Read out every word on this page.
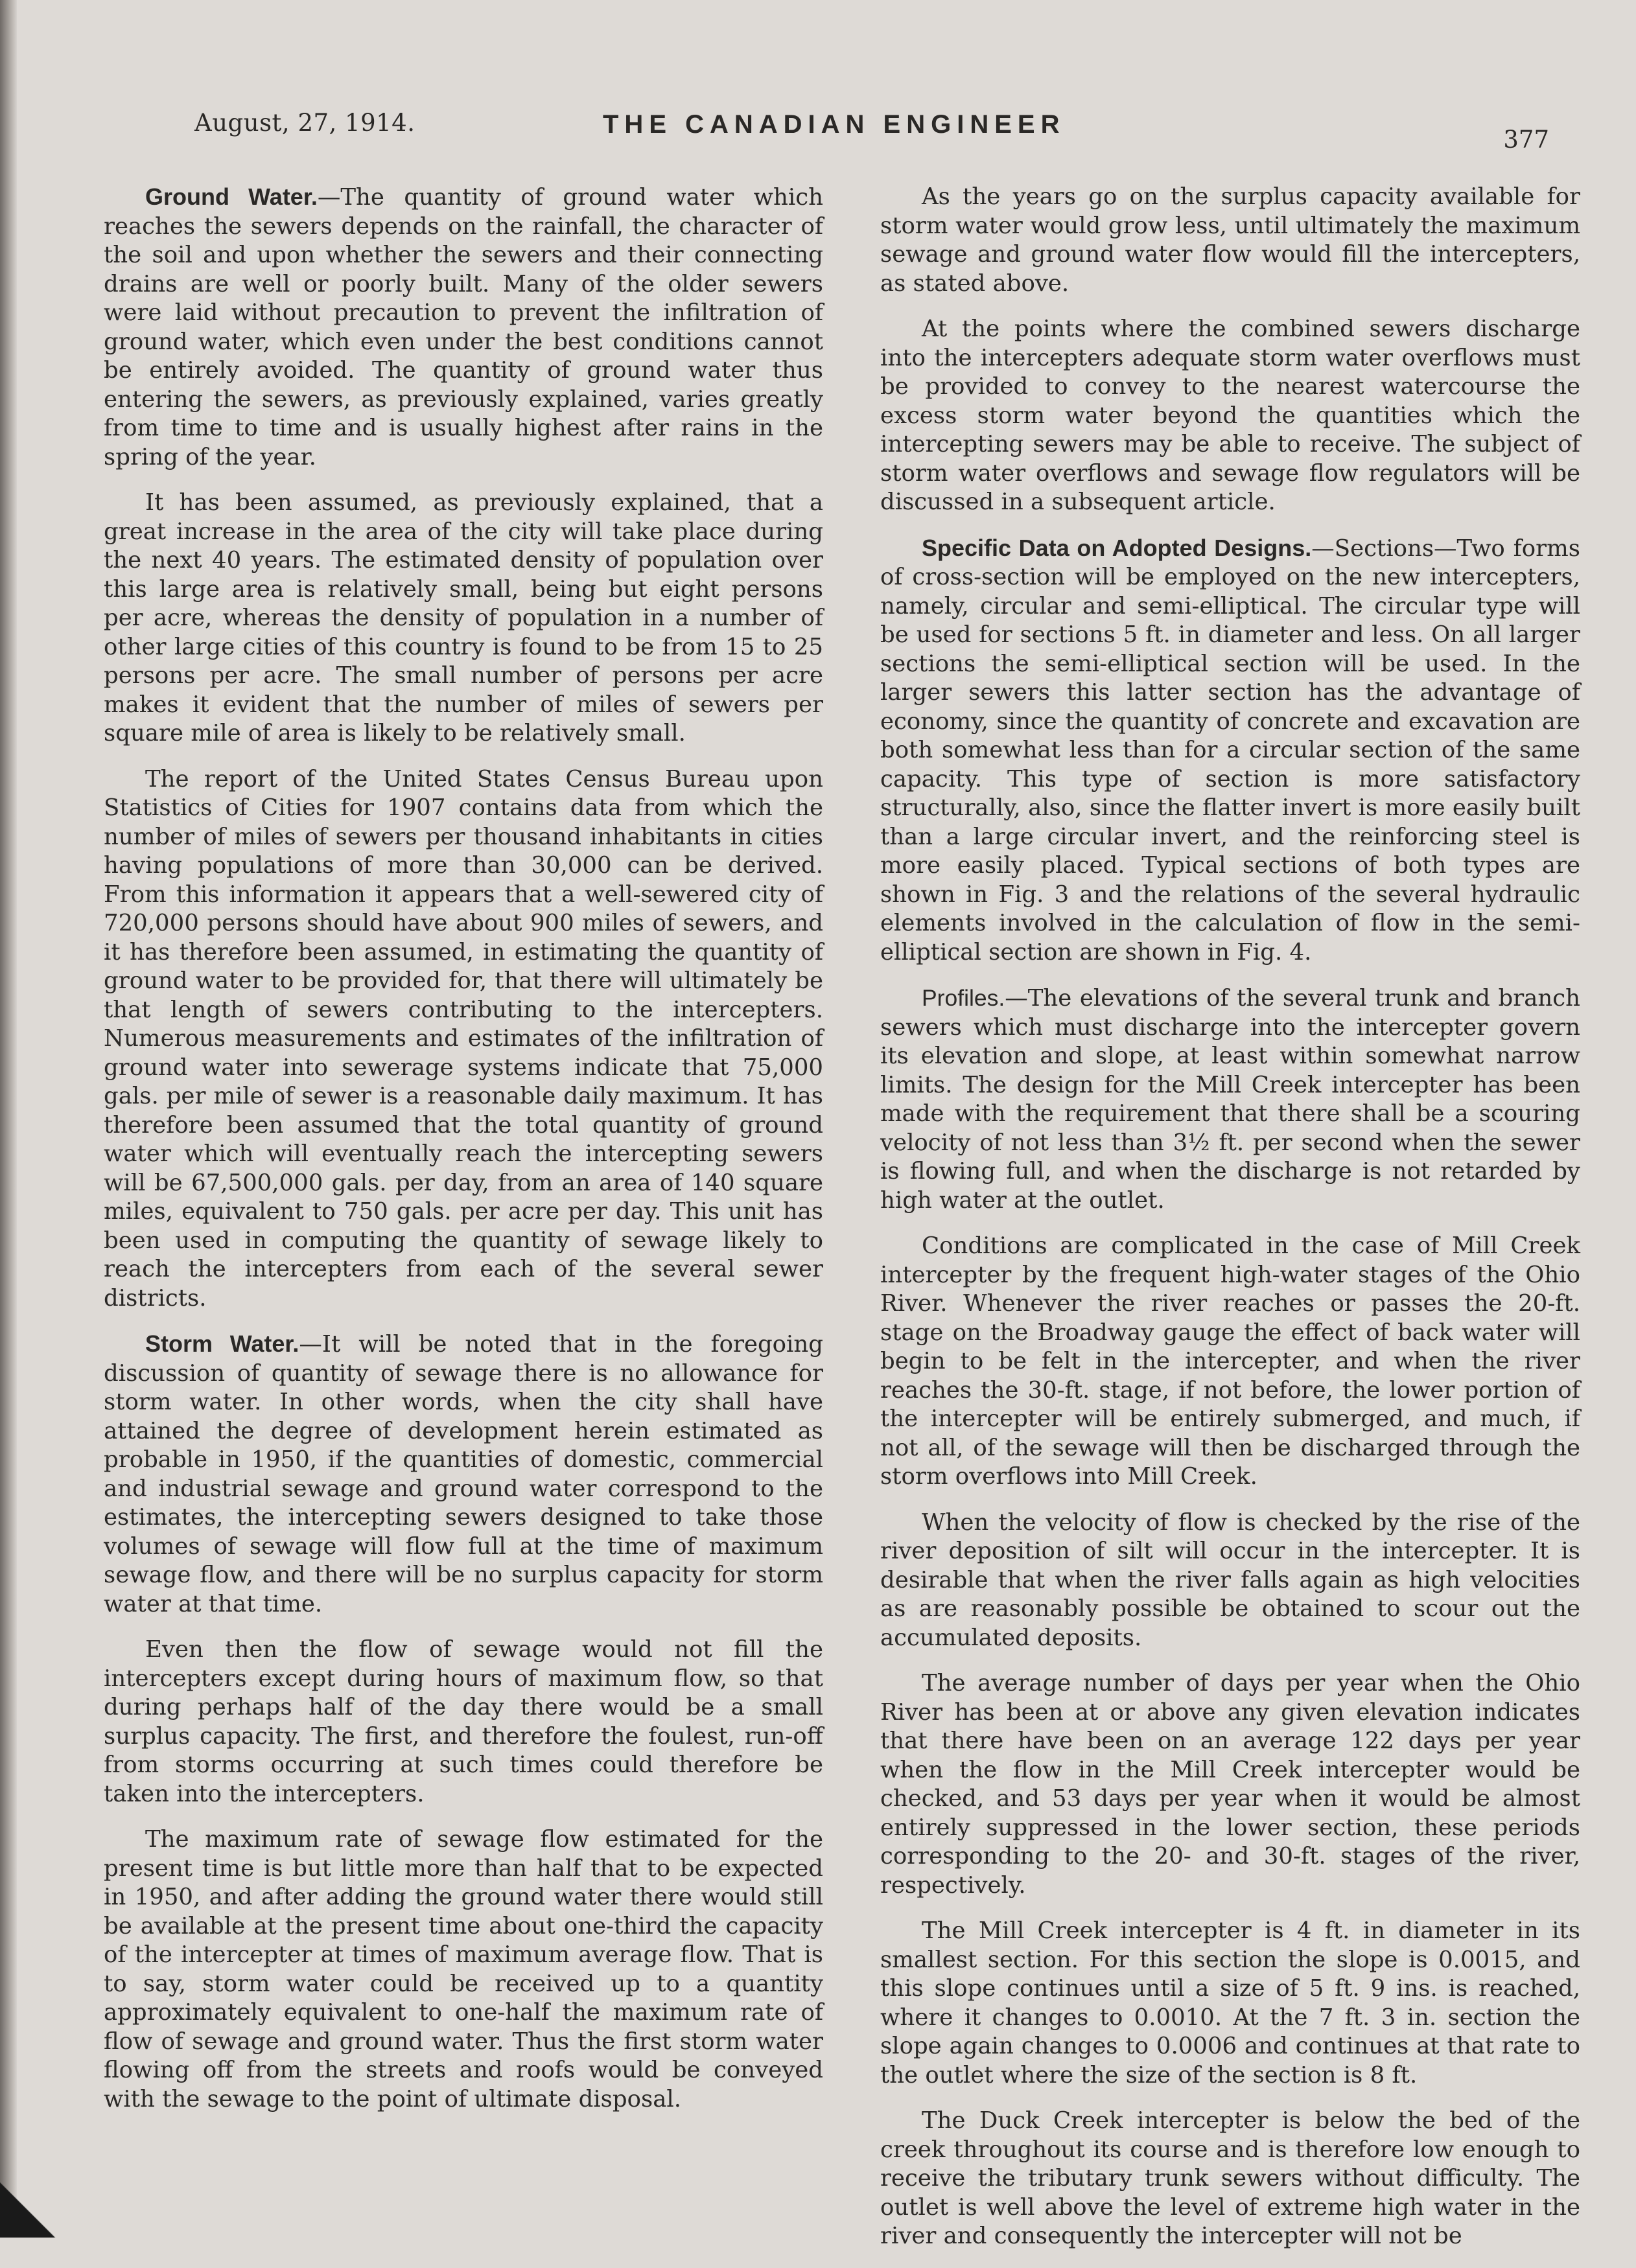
August, 27, 1914.	THE CANADIAN ENGINEER
377

Ground Water.—The quantity of ground water which reaches the sewers depends on the rainfall, the character of the soil and upon whether the sewers and their connecting drains are well or poorly built. Many of the older sewers were laid without precaution to prevent the infiltration of ground water, which even under the best conditions cannot be entirely avoided. The quantity of ground water thus entering the sewers, as previously explained, varies greatly from time to time and is usually highest after rains in the spring of the year.

It has been assumed, as previously explained, that a great increase in the area of the city will take place during the next 40 years. The estimated density of population over this large area is relatively small, being but eight persons per acre, whereas the density of population in a number of other large cities of this country is found to be from 15 to 25 persons per acre. The small number of persons per acre makes it evident that the number of miles of sewers per square mile of area is likely to be relatively small.

The report of the United States Census Bureau upon Statistics of Cities for 1907 contains data from which the number of miles of sewers per thousand inhabitants in cities having populations of more than 30,000 can be derived. From this information it appears that a well-sewered city of 720,000 persons should have about 900 miles of sewers, and it has therefore been assumed, in estimating the quantity of ground water to be provided for, that there will ultimately be that length of sewers contributing to the intercepters. Numerous measurements and estimates of the infiltration of ground water into sewerage systems indicate that 75,000 gals. per mile of sewer is a reasonable daily maximum. It has therefore been assumed that the total quantity of ground water which will eventually reach the intercepting sewers will be 67,500,000 gals. per day, from an area of 140 square miles, equivalent to 750 gals. per acre per day. This unit has been used in computing the quantity of sewage likely to reach the intercepters from each of the several sewer districts.

Storm Water.—It will be noted that in the foregoing discussion of quantity of sewage there is no allowance for storm water. In other words, when the city shall have attained the degree of development herein estimated as probable in 1950, if the quantities of domestic, commercial and industrial sewage and ground water correspond to the estimates, the intercepting sewers designed to take those volumes of sewage will flow full at the time of maximum sewage flow, and there will be no surplus capacity for storm water at that time.

Even then the flow of sewage would not fill the intercepters except during hours of maximum flow, so that during perhaps half of the day there would be a small surplus capacity. The first, and therefore the foulest, run-off from storms occurring at such times could therefore be taken into the intercepters.

The maximum rate of sewage flow estimated for the present time is but little more than half that to be expected in 1950, and after adding the ground water there would still be available at the present time about one-third the capacity of the intercepter at times of maximum average flow. That is to say, storm water could be received up to a quantity approximately equivalent to one-half the maximum rate of flow of sewage and ground water. Thus the first storm water flowing off from the streets and roofs would be conveyed with the sewage to the point of ultimate disposal.

As the years go on the surplus capacity available for storm water would grow less, until ultimately the maximum sewage and ground water flow would fill the intercepters, as stated above.

At the points where the combined sewers discharge into the intercepters adequate storm water overflows must be provided to convey to the nearest watercourse the excess storm water beyond the quantities which the intercepting sewers may be able to receive. The subject of storm water overflows and sewage flow regulators will be discussed in a subsequent article.

Specific Data on Adopted Designs.—Sections—Two forms of cross-section will be employed on the new intercepters, namely, circular and semi-elliptical. The circular type will be used for sections 5 ft. in diameter and less. On all larger sections the semi-elliptical section will be used. In the larger sewers this latter section has the advantage of economy, since the quantity of concrete and excavation are both somewhat less than for a circular section of the same capacity. This type of section is more satisfactory structurally, also, since the flatter invert is more easily built than a large circular invert, and the reinforcing steel is more easily placed. Typical sections of both types are shown in Fig. 3 and the relations of the several hydraulic elements involved in the calculation of flow in the semi-elliptical section are shown in Fig. 4.

Profiles.—The elevations of the several trunk and branch sewers which must discharge into the intercepter govern its elevation and slope, at least within somewhat narrow limits. The design for the Mill Creek intercepter has been made with the requirement that there shall be a scouring velocity of not less than 3½ ft. per second when the sewer is flowing full, and when the discharge is not retarded by high water at the outlet.

Conditions are complicated in the case of Mill Creek intercepter by the frequent high-water stages of the Ohio River. Whenever the river reaches or passes the 20-ft. stage on the Broadway gauge the effect of back water will begin to be felt in the intercepter, and when the river reaches the 30-ft. stage, if not before, the lower portion of the intercepter will be entirely submerged, and much, if not all, of the sewage will then be discharged through the storm overflows into Mill Creek.

When the velocity of flow is checked by the rise of the river deposition of silt will occur in the intercepter. It is desirable that when the river falls again as high velocities as are reasonably possible be obtained to scour out the accumulated deposits.

The average number of days per year when the Ohio River has been at or above any given elevation indicates that there have been on an average 122 days per year when the flow in the Mill Creek intercepter would be checked, and 53 days per year when it would be almost entirely suppressed in the lower section, these periods corresponding to the 20- and 30-ft. stages of the river, respectively.

The Mill Creek intercepter is 4 ft. in diameter in its smallest section. For this section the slope is 0.0015, and this slope continues until a size of 5 ft. 9 ins. is reached, where it changes to 0.0010. At the 7 ft. 3 in. section the slope again changes to 0.0006 and continues at that rate to the outlet where the size of the section is 8 ft.

The Duck Creek intercepter is below the bed of the creek throughout its course and is therefore low enough to receive the tributary trunk sewers without difficulty. The outlet is well above the level of extreme high water in the river and consequently the intercepter will not be
